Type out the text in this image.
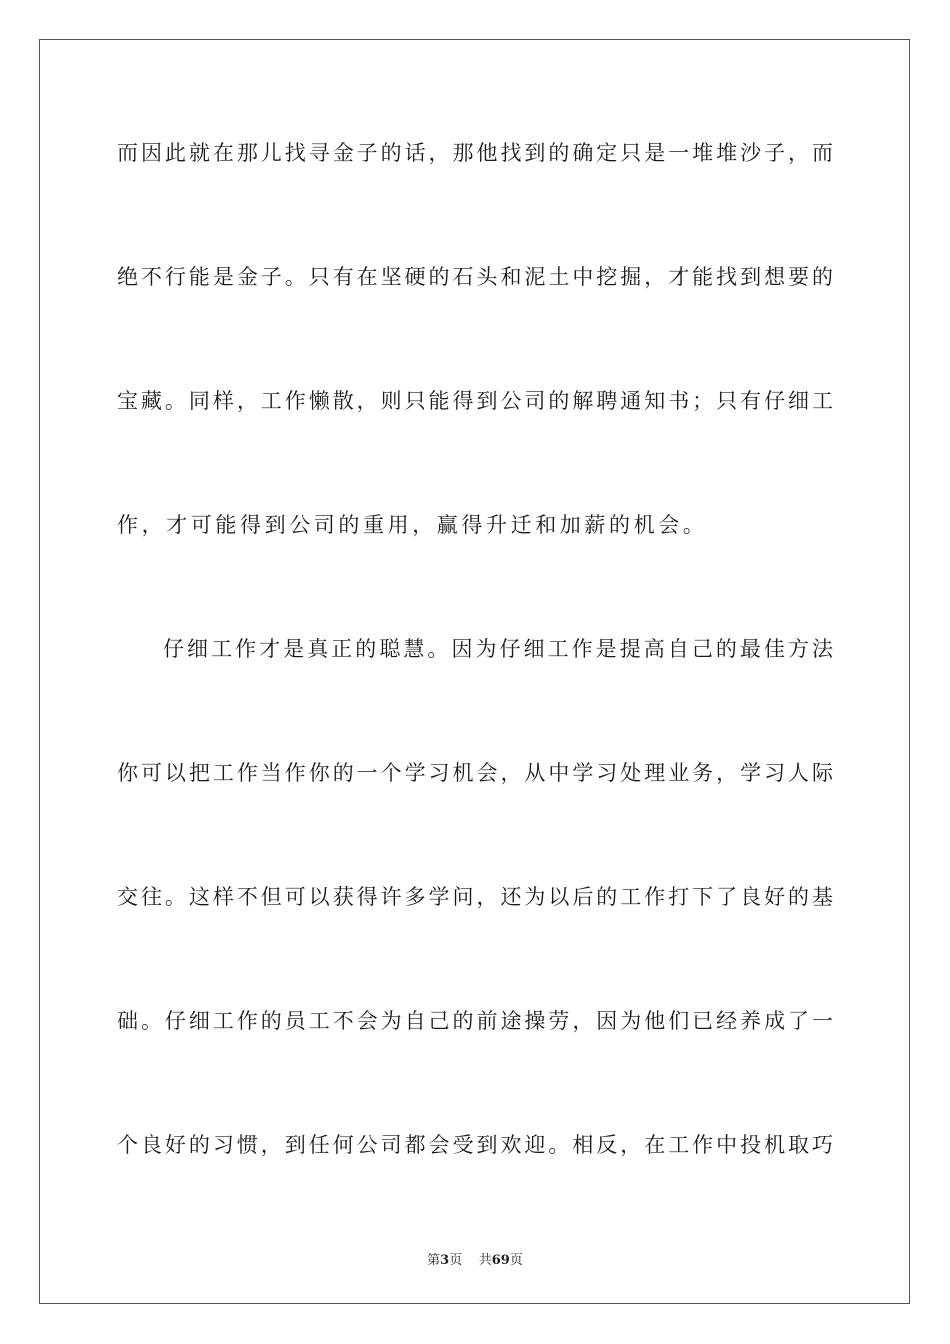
而因此就在那儿找寻金子的话，那他找到的确定只是一堆堆沙子，而
绝不行能是金子。只有在坚硬的石头和泥土中挖掘，才能找到想要的
宝藏。同样，工作懒散，则只能得到公司的解聘通知书；只有仔细工
作，才可能得到公司的重用，赢得升迁和加薪的机会。
仔细工作才是真正的聪慧。因为仔细工作是提高自己的最佳方法
你可以把工作当作你的一个学习机会，从中学习处理业务，学习人际
交往。这样不但可以获得许多学问，还为以后的工作打下了良好的基
础。仔细工作的员工不会为自己的前途操劳，因为他们已经养成了一
个良好的习惯，到任何公司都会受到欢迎。相反，在工作中投机取巧
第3页 共69页
